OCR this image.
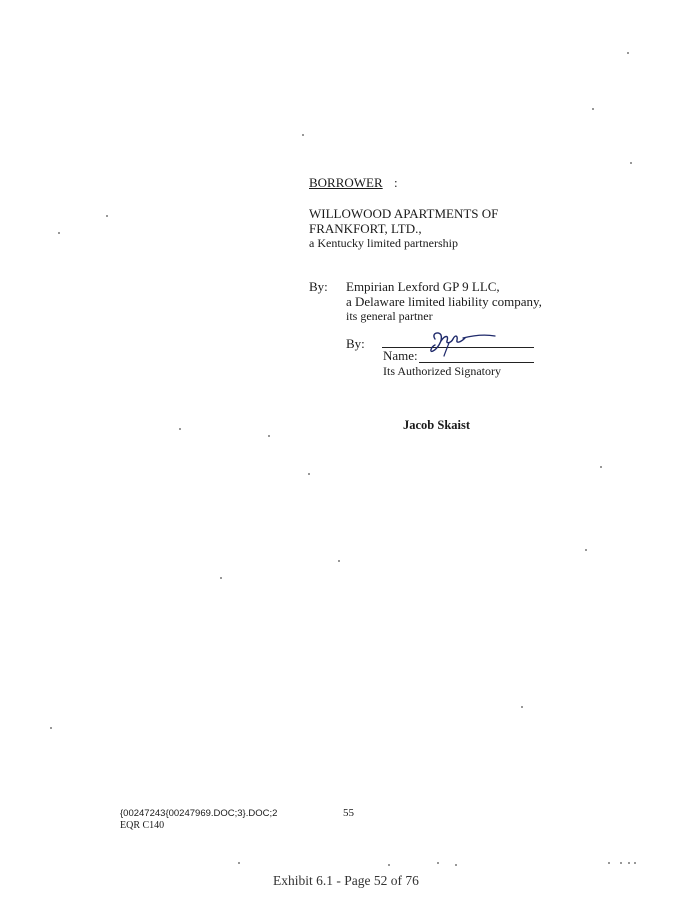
BORROWER :
WILLOWOOD APARTMENTS OF
FRANKFORT, LTD.,
a Kentucky limited partnership
By: Empirian Lexford GP 9 LLC,
a Delaware limited liability company,
its general partner
By:
Name:
Its Authorized Signatory
Jacob Skaist
{00247243{00247969.DOC;3}.DOC;2
EQR C140
55
Exhibit 6.1 - Page 52 of 76
